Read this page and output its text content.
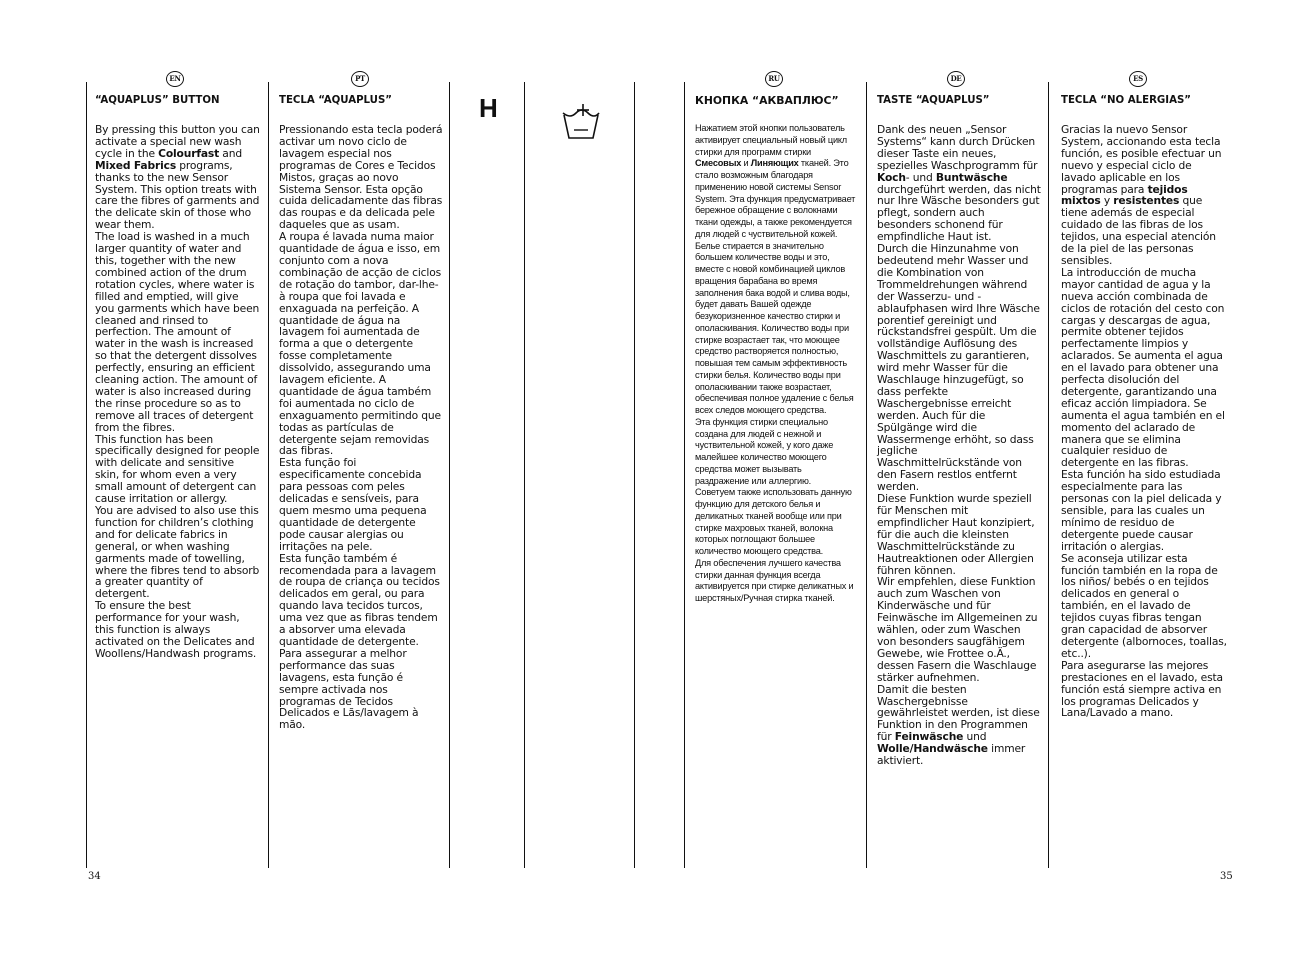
EN	PT	RU	DE	ES
H
“AQUAPLUS” BUTTON

By pressing this button you can activate a special new wash cycle in the Colourfast and Mixed Fabrics programs, thanks to the new Sensor System. This option treats with care the fibres of garments and the delicate skin of those who wear them.

The load is washed in a much larger quantity of water and this, together with the new combined action of the drum rotation cycles, where water is filled and emptied, will give you garments which have been cleaned and rinsed to perfection. The amount of water in the wash is increased so that the detergent dissolves perfectly, ensuring an efficient cleaning action. The amount of water is also increased during the rinse procedure so as to remove all traces of detergent from the fibres.

This function has been specifically designed for people with delicate and sensitive skin, for whom even a very small amount of detergent can cause irritation or allergy.

You are advised to also use this function for children’s clothing and for delicate fabrics in general, or when washing garments made of towelling, where the fibres tend to absorb a greater quantity of detergent.

To ensure the best performance for your wash, this function is always activated on the Delicates and Woollens/Handwash programs.

TECLA “AQUAPLUS”

Pressionando esta tecla poderá activar um novo ciclo de lavagem especial nos programas de Cores e Tecidos Mistos, graças ao novo Sistema Sensor. Esta opção cuida delicadamente das fibras das roupas e da delicada pele daqueles que as usam.

A roupa é lavada numa maior quantidade de água e isso, em conjunto com a nova combinação de acção de ciclos de rotação do tambor, dar-lhe-à roupa que foi lavada e enxaguada na perfeição. A quantidade de água na lavagem foi aumentada de forma a que o detergente fosse completamente dissolvido, assegurando uma lavagem eficiente. A quantidade de água também foi aumentada no ciclo de enxaguamento permitindo que todas as partículas de detergente sejam removidas das fibras.

Esta função foi especificamente concebida para pessoas com peles delicadas e sensíveis, para quem mesmo uma pequena quantidade de detergente pode causar alergias ou irritações na pele.

Esta função também é recomendada para a lavagem de roupa de criança ou tecidos delicados em geral, ou para quando lava tecidos turcos, uma vez que as fibras tendem a absorver uma elevada quantidade de detergente.

Para assegurar a melhor performance das suas lavagens, esta função é sempre activada nos programas de Tecidos Delicados e Lãs/lavagem à mão.

КНОПКА “АКВАПЛЮС”

Нажатием этой кнопки пользователь активирует специальный новый цикл стирки для программ стирки Смесовых и Линяющих тканей. Это стало возможным благодаря применению новой системы Sensor System. Эта функция предусматривает бережное обращение с волокнами ткани одежды, а также рекомендуется для людей с чуствительной кожей.

Белье стирается в значительно большем количестве воды и это, вместе с новой комбинацией циклов вращения барабана во время заполнения бака водой и слива воды, будет давать Вашей одежде безукоризненное качество стирки и ополаскивания. Количество воды при стирке возрастает так, что моющее средство растворяется полностью, повышая тем самым эффективность стирки белья. Количество воды при ополаскивании также возрастает, обеспечивая полное удаление с белья всех следов моющего средства.

Эта функция стирки специально создана для людей с нежной и чуствительной кожей, у кого даже малейшее количество моющего средства может вызывать раздражение или аллергию.

Советуем также использовать данную функцию для детского белья и деликатных тканей вообще или при стирке махровых тканей, волокна которых поглощают большее количество моющего средства.

Для обеспечения лучшего качества стирки данная функция всегда активируется при стирке деликатных и шерстяных/Ручная стирка тканей.

TASTE “AQUAPLUS”

Dank des neuen „Sensor Systems“ kann durch Drücken dieser Taste ein neues, spezielles Waschprogramm für Koch- und Buntwäsche durchgeführt werden, das nicht nur Ihre Wäsche besonders gut pflegt, sondern auch besonders schonend für empfindliche Haut ist.

Durch die Hinzunahme von bedeutend mehr Wasser und die Kombination von Trommeldrehungen während der Wasserzu- und -ablaufphasen wird Ihre Wäsche porentief gereinigt und rückstandsfrei gespült. Um die vollständige Auflösung des Waschmittels zu garantieren, wird mehr Wasser für die Waschlauge hinzugefügt, so dass perfekte Waschergebnisse erreicht werden. Auch für die Spülgänge wird die Wassermenge erhöht, so dass jegliche Waschmittelrückstände von den Fasern restlos entfernt werden.

Diese Funktion wurde speziell für Menschen mit empfindlicher Haut konzipiert, für die auch die kleinsten Waschmittelrückstände zu Hautreaktionen oder Allergien führen können.

Wir empfehlen, diese Funktion auch zum Waschen von Kinderwäsche und für Feinwäsche im Allgemeinen zu wählen, oder zum Waschen von besonders saugfähigem Gewebe, wie Frottee o.Ä., dessen Fasern die Waschlauge stärker aufnehmen.

Damit die besten Waschergebnisse gewährleistet werden, ist diese Funktion in den Programmen für Feinwäsche und Wolle/Handwäsche immer aktiviert.

TECLA “NO ALERGIAS”

Gracias la nuevo Sensor System, accionando esta tecla función, es posible efectuar un nuevo y especial ciclo de lavado aplicable en los programas para tejidos mixtos y resistentes que tiene además de especial cuidado de las fibras de los tejidos, una especial atención de la piel de las personas sensibles.

La introducción de mucha mayor cantidad de agua y la nueva acción combinada de ciclos de rotación del cesto con cargas y descargas de agua, permite obtener tejidos perfectamente limpios y aclarados. Se aumenta el agua en el lavado para obtener una perfecta disolución del detergente, garantizando una eficaz acción limpiadora. Se aumenta el agua también en el momento del aclarado de manera que se elimina cualquier residuo de detergente en las fibras.

Esta función ha sido estudiada especialmente para las personas con la piel delicada y sensible, para las cuales un mínimo de residuo de detergente puede causar irritación o alergias.

Se aconseja utilizar esta función también en la ropa de los niños/ bebés o en tejidos delicados en general o también, en el lavado de tejidos cuyas fibras tengan gran capacidad de absorver detergente (albornoces, toallas, etc..).

Para asegurarse las mejores prestaciones en el lavado, esta función está siempre activa en los programas Delicados y Lana/Lavado a mano.

34	35
